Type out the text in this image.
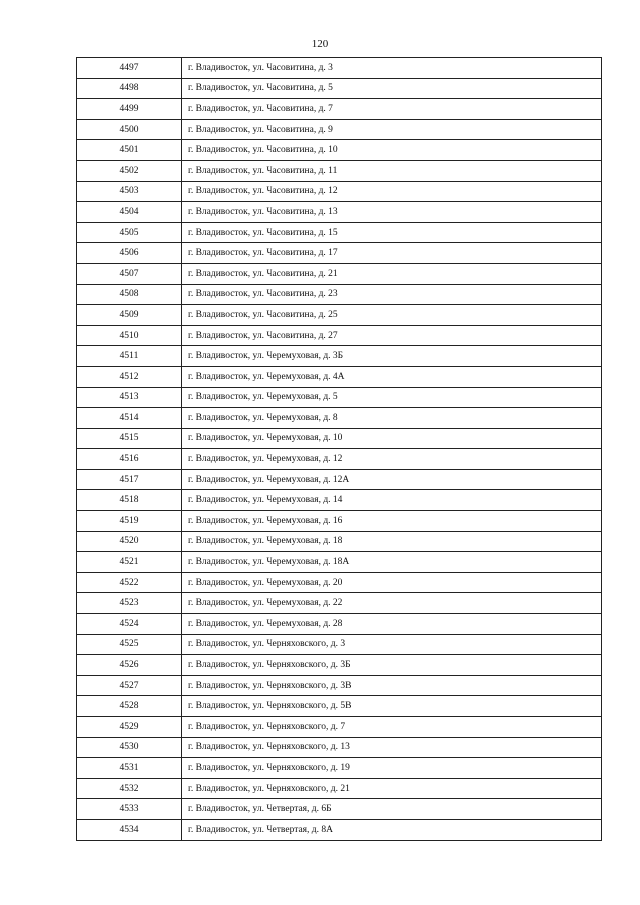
120
4497	г. Владивосток, ул. Часовитина, д. 3
4498	г. Владивосток, ул. Часовитина, д. 5
4499	г. Владивосток, ул. Часовитина, д. 7
4500	г. Владивосток, ул. Часовитина, д. 9
4501	г. Владивосток, ул. Часовитина, д. 10
4502	г. Владивосток, ул. Часовитина, д. 11
4503	г. Владивосток, ул. Часовитина, д. 12
4504	г. Владивосток, ул. Часовитина, д. 13
4505	г. Владивосток, ул. Часовитина, д. 15
4506	г. Владивосток, ул. Часовитина, д. 17
4507	г. Владивосток, ул. Часовитина, д. 21
4508	г. Владивосток, ул. Часовитина, д. 23
4509	г. Владивосток, ул. Часовитина, д. 25
4510	г. Владивосток, ул. Часовитина, д. 27
4511	г. Владивосток, ул. Черемуховая, д. 3Б
4512	г. Владивосток, ул. Черемуховая, д. 4А
4513	г. Владивосток, ул. Черемуховая, д. 5
4514	г. Владивосток, ул. Черемуховая, д. 8
4515	г. Владивосток, ул. Черемуховая, д. 10
4516	г. Владивосток, ул. Черемуховая, д. 12
4517	г. Владивосток, ул. Черемуховая, д. 12А
4518	г. Владивосток, ул. Черемуховая, д. 14
4519	г. Владивосток, ул. Черемуховая, д. 16
4520	г. Владивосток, ул. Черемуховая, д. 18
4521	г. Владивосток, ул. Черемуховая, д. 18А
4522	г. Владивосток, ул. Черемуховая, д. 20
4523	г. Владивосток, ул. Черемуховая, д. 22
4524	г. Владивосток, ул. Черемуховая, д. 28
4525	г. Владивосток, ул. Черняховского, д. 3
4526	г. Владивосток, ул. Черняховского, д. 3Б
4527	г. Владивосток, ул. Черняховского, д. 3В
4528	г. Владивосток, ул. Черняховского, д. 5В
4529	г. Владивосток, ул. Черняховского, д. 7
4530	г. Владивосток, ул. Черняховского, д. 13
4531	г. Владивосток, ул. Черняховского, д. 19
4532	г. Владивосток, ул. Черняховского, д. 21
4533	г. Владивосток, ул. Четвертая, д. 6Б
4534	г. Владивосток, ул. Четвертая, д. 8А
